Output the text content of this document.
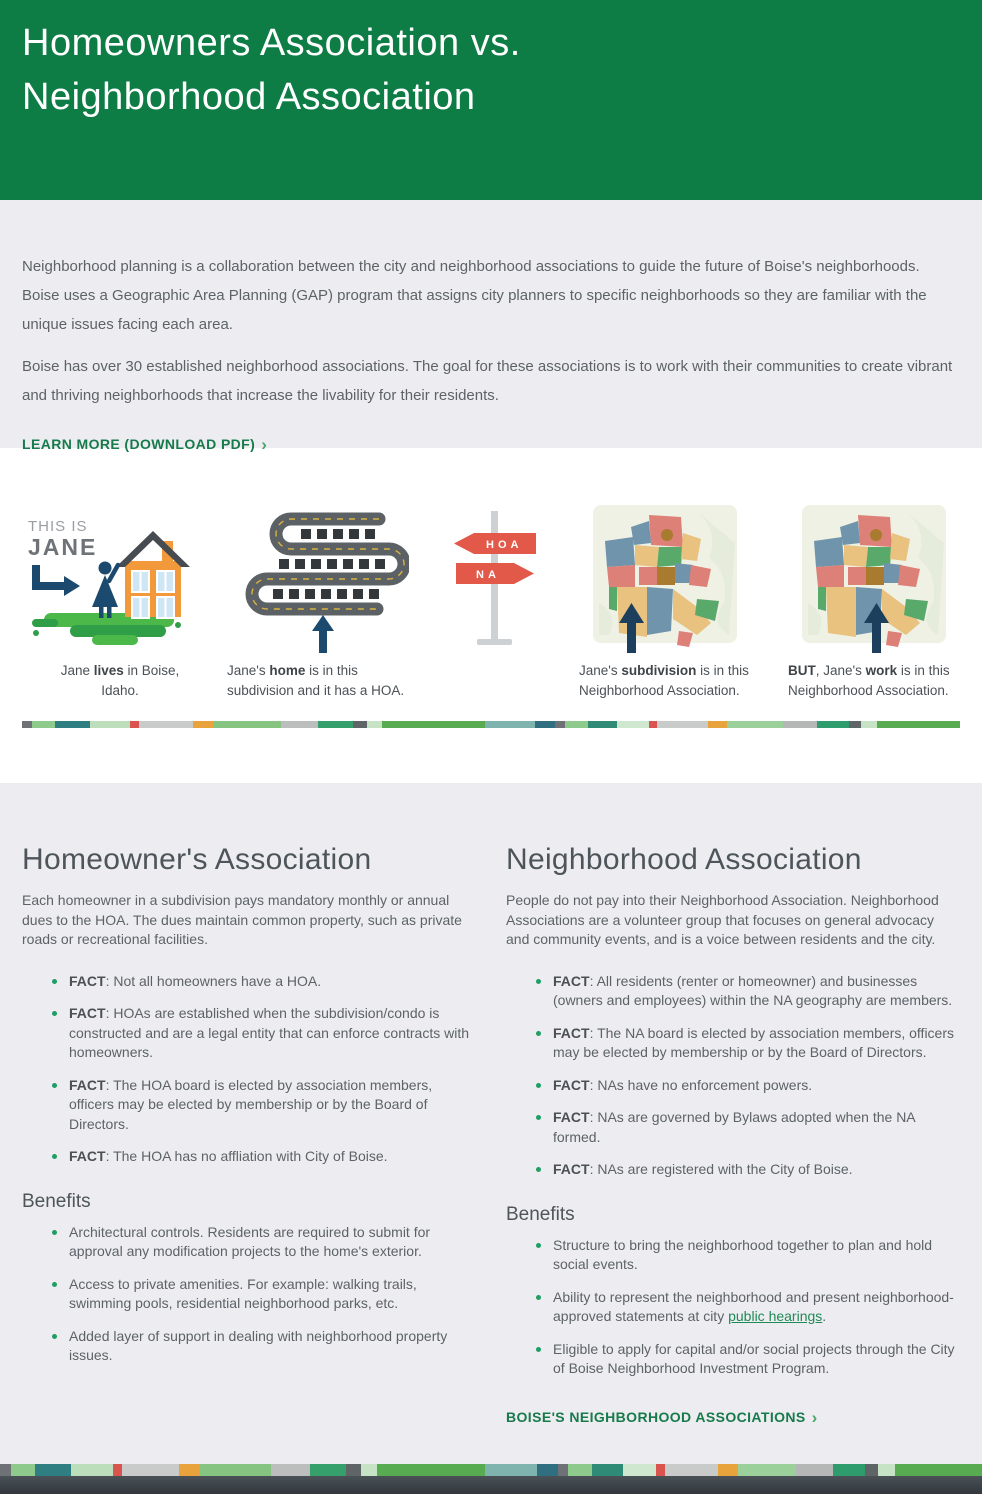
Homeowners Association vs.
Neighborhood Association

Neighborhood planning is a collaboration between the city and neighborhood associations to guide the future of Boise's neighborhoods. Boise uses a Geographic Area Planning (GAP) program that assigns city planners to specific neighborhoods so they are familiar with the unique issues facing each area.

Boise has over 30 established neighborhood associations. The goal for these associations is to work with their communities to create vibrant and thriving neighborhoods that increase the livability for their residents.

LEARN MORE (DOWNLOAD PDF) ›
THIS IS
JANE
Jane lives in Boise, Idaho.
Jane's home is in this subdivision and it has a HOA.
HOA
NA
Jane's subdivision is in this Neighborhood Association.
BUT, Jane's work is in this Neighborhood Association.
Homeowner's Association

Each homeowner in a subdivision pays mandatory monthly or annual dues to the HOA. The dues maintain common property, such as private roads or recreational facilities.

FACT: Not all homeowners have a HOA.
FACT: HOAs are established when the subdivision/condo is constructed and are a legal entity that can enforce contracts with homeowners.
FACT: The HOA board is elected by association members, officers may be elected by membership or by the Board of Directors.
FACT: The HOA has no affliation with City of Boise.
Benefits
Architectural controls. Residents are required to submit for approval any modification projects to the home's exterior.
Access to private amenities. For example: walking trails, swimming pools, residential neighborhood parks, etc.
Added layer of support in dealing with neighborhood property issues.
Neighborhood Association

People do not pay into their Neighborhood Association. Neighborhood Associations are a volunteer group that focuses on general advocacy and community events, and is a voice between residents and the city.

FACT: All residents (renter or homeowner) and businesses (owners and employees) within the NA geography are members.
FACT: The NA board is elected by association members, officers may be elected by membership or by the Board of Directors.
FACT: NAs have no enforcement powers.
FACT: NAs are governed by Bylaws adopted when the NA formed.
FACT: NAs are registered with the City of Boise.
Benefits
Structure to bring the neighborhood together to plan and hold social events.
Ability to represent the neighborhood and present neighborhood-approved statements at city public hearings.
Eligible to apply for capital and/or social projects through the City of Boise Neighborhood Investment Program.
BOISE'S NEIGHBORHOOD ASSOCIATIONS ›
